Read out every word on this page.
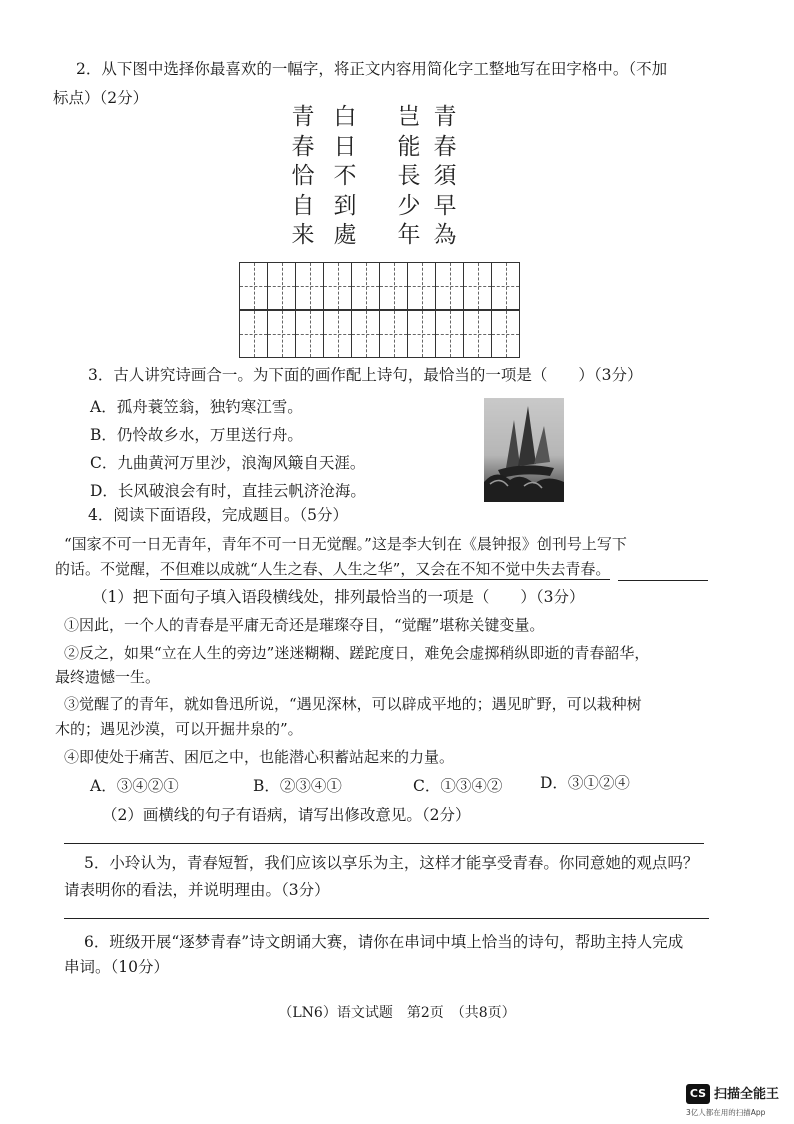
2．从下图中选择你最喜欢的一幅字，将正文内容用简化字工整地写在田字格中。（不加
标点）（2分）
青
春
恰
自
来
白
日
不
到
處
岂
能
長
少
年
青
春
須
早
為
3．古人讲究诗画合一。为下面的画作配上诗句，最恰当的一项是（　　）（3分）
A．孤舟蓑笠翁，独钓寒江雪。
B．仍怜故乡水，万里送行舟。
C．九曲黄河万里沙，浪淘风簸自天涯。
D．长风破浪会有时，直挂云帆济沧海。
4．阅读下面语段，完成题目。（5分）
“国家不可一日无青年，青年不可一日无觉醒。”这是李大钊在《晨钟报》创刊号上写下
的话。不觉醒，不但难以成就“人生之春、人生之华”，又会在不知不觉中失去青春。
（1）把下面句子填入语段横线处，排列最恰当的一项是（　　）（3分）
①因此，一个人的青春是平庸无奇还是璀璨夺目，“觉醒”堪称关键变量。
②反之，如果“立在人生的旁边”迷迷糊糊、蹉跎度日，难免会虚掷稍纵即逝的青春韶华，
最终遗憾一生。
③觉醒了的青年，就如鲁迅所说，“遇见深林，可以辟成平地的；遇见旷野，可以栽种树
木的；遇见沙漠，可以开掘井泉的”。
④即使处于痛苦、困厄之中，也能潜心积蓄站起来的力量。
A．③④②①	B．②③④①	C．①③④② D．③①②④
（2）画横线的句子有语病，请写出修改意见。（2分）
5．小玲认为，青春短暂，我们应该以享乐为主，这样才能享受青春。你同意她的观点吗？
请表明你的看法，并说明理由。（3分）
6．班级开展“逐梦青春”诗文朗诵大赛，请你在串词中填上恰当的诗句，帮助主持人完成
串词。（10分）
（LN6）语文试题　第2页　（共8页）
CS 扫描全能王
3亿人都在用的扫描App
